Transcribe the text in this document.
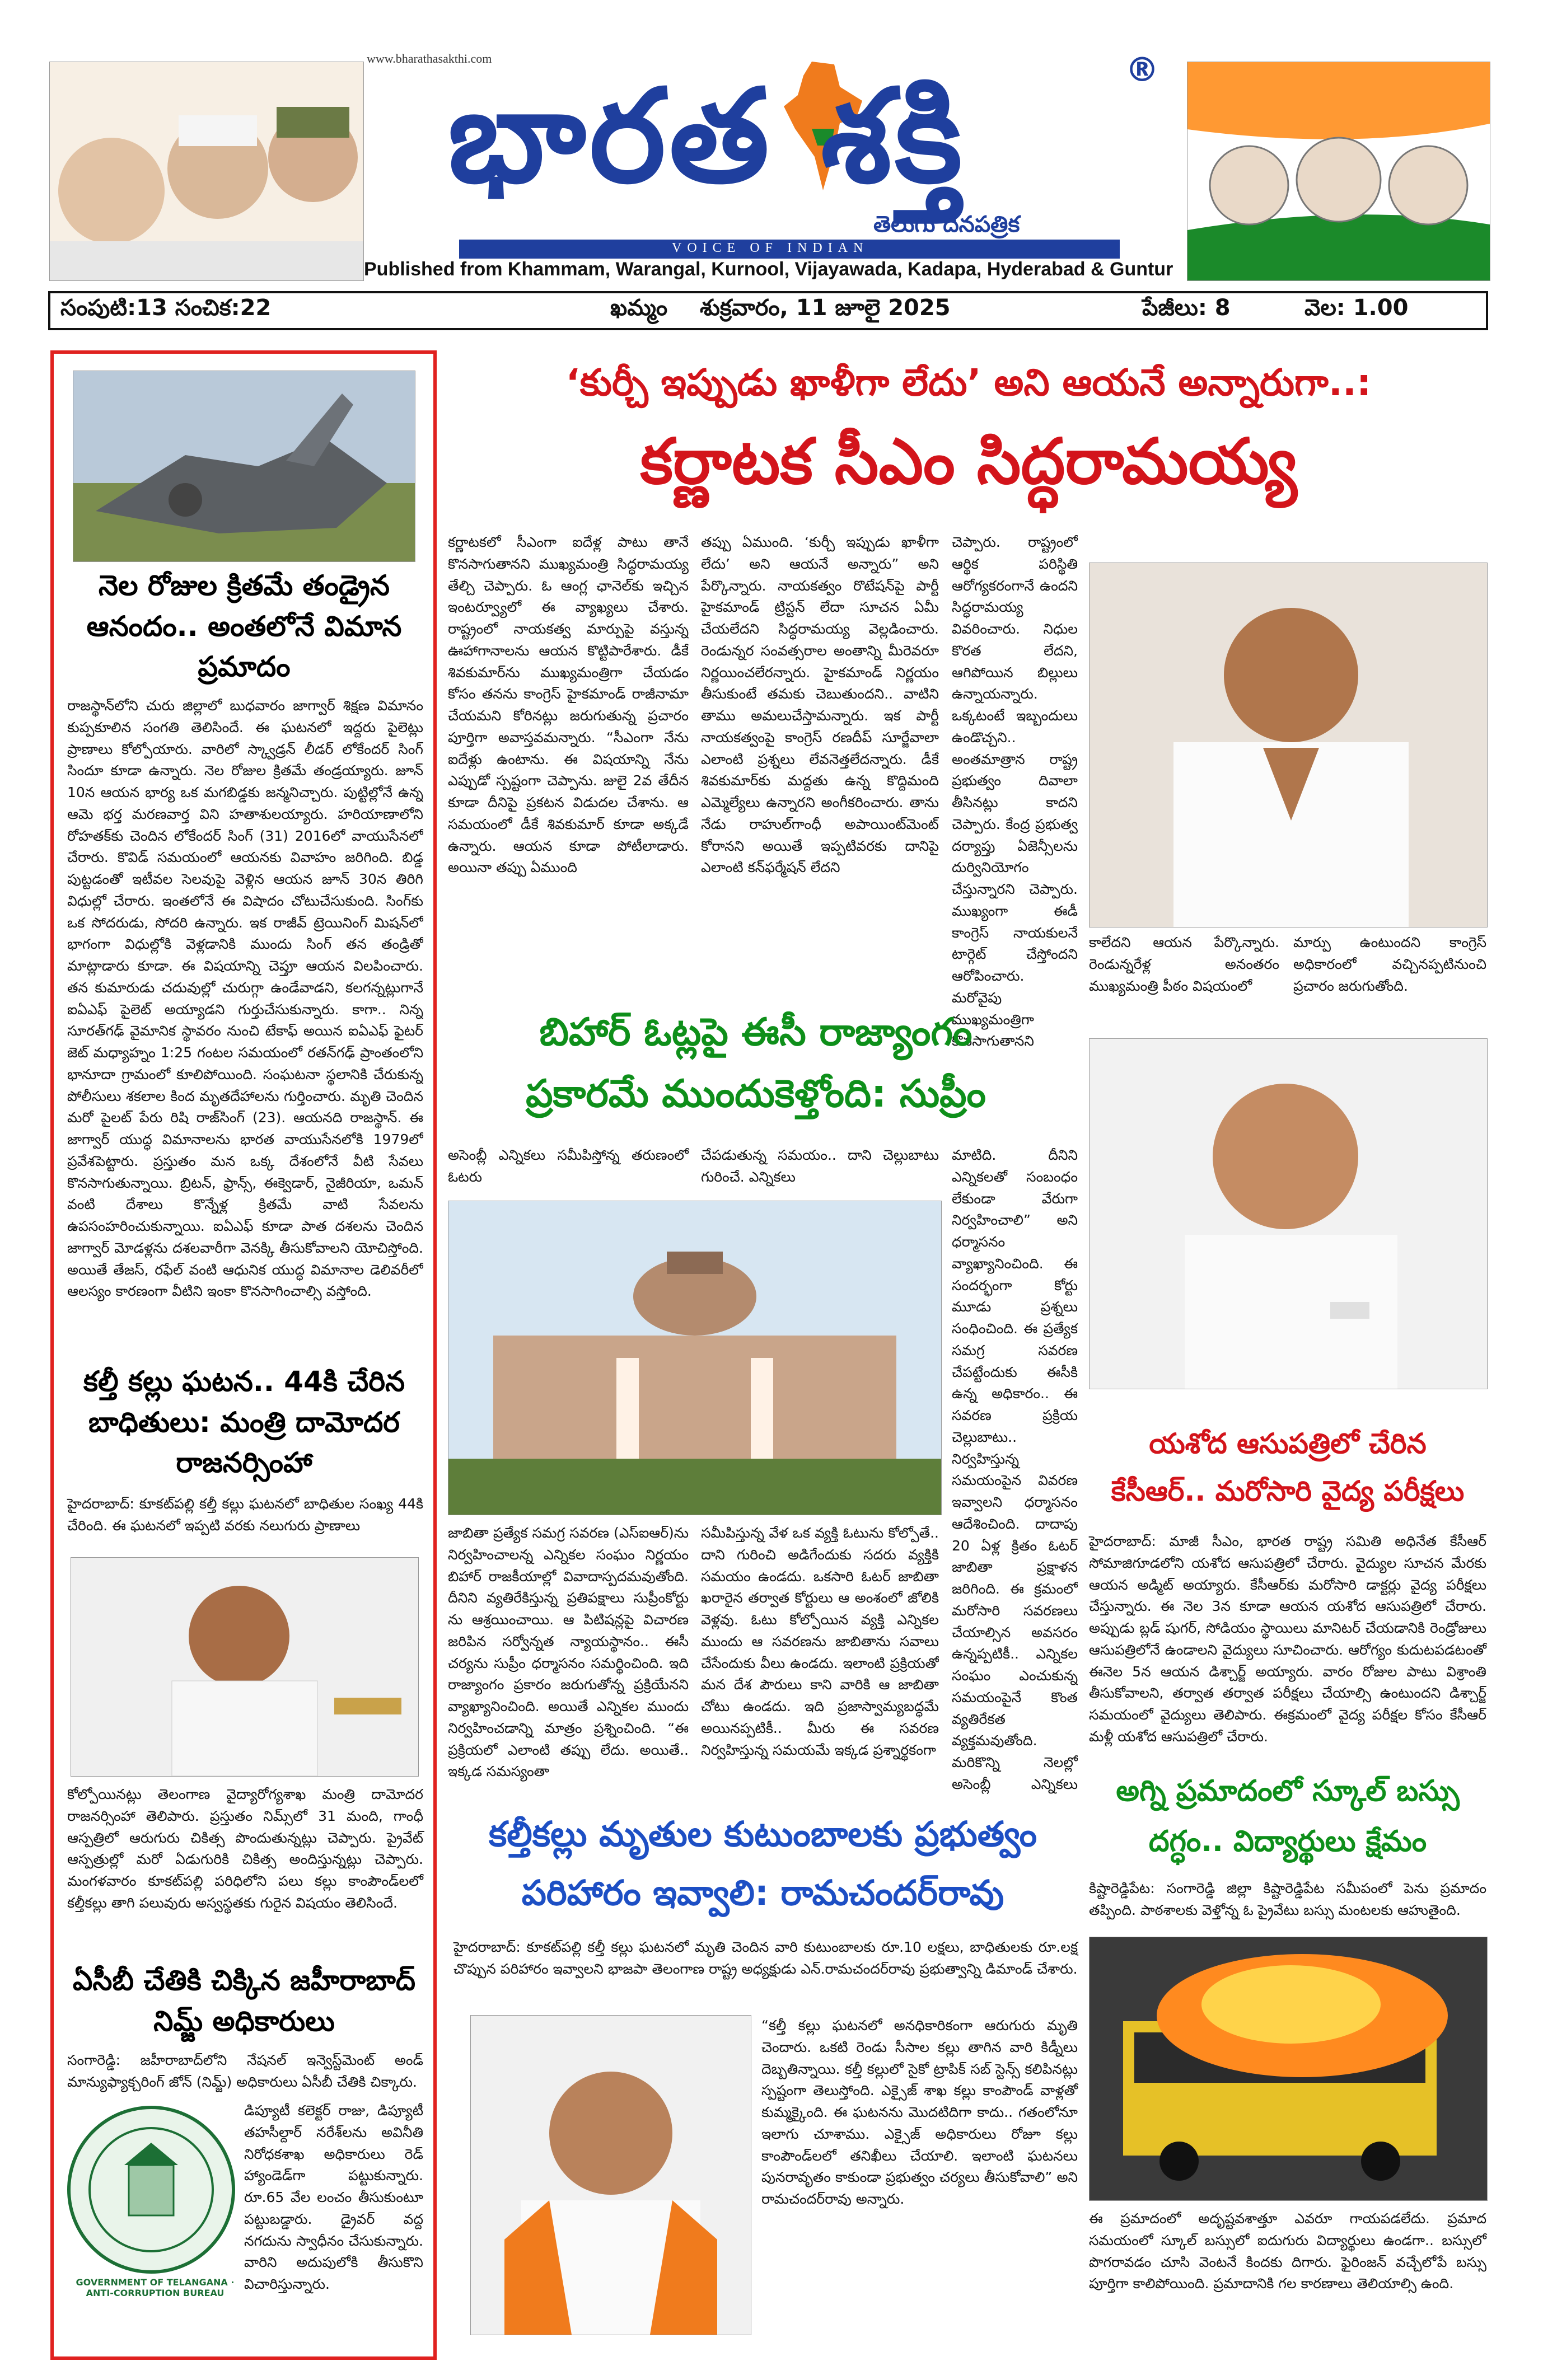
www.bharathasakthi.com
భారత శక్తి	®
తెలుగు దినపత్రిక
VOICE OF INDIAN
Published from Khammam, Warangal, Kurnool, Vijayawada, Kadapa, Hyderabad & Guntur
సంపుటి:13 సంచిక:22	ఖమ్మం శుక్రవారం, 11 జూలై 2025	పేజీలు: 8	వెల: 1.00
నెల రోజుల క్రితమే తండ్రైన ఆనందం.. అంతలోనే విమాన ప్రమాదం
రాజస్థాన్‌లోని చురు జిల్లాలో బుధవారం జాగ్వార్ శిక్షణ విమానం కుప్పకూలిన సంగతి తెలిసిందే. ఈ ఘటనలో ఇద్దరు పైలెట్లు ప్రాణాలు కోల్పోయారు. వారిలో స్క్వాడ్రన్ లీడర్ లోకేందర్ సింగ్ సిందూ కూడా ఉన్నారు. నెల రోజుల క్రితమే తండ్రయ్యారు. జూన్ 10న ఆయన భార్య ఒక మగబిడ్డకు జన్మనిచ్చారు. పుట్టిల్లోనే ఉన్న ఆమె భర్త మరణవార్త విని హతాశులయ్యారు. హరియాణాలోని రోహతక్‌కు చెందిన లోకేందర్ సింగ్ (31) 2016లో వాయుసేనలో చేరారు. కొవిడ్ సమయంలో ఆయనకు వివాహం జరిగింది. బిడ్డ పుట్టడంతో ఇటీవల సెలవుపై వెళ్లిన ఆయన జూన్ 30న తిరిగి విధుల్లో చేరారు. ఇంతలోనే ఈ విషాదం చోటుచేసుకుంది. సింగ్‌కు ఒక సోదరుడు, సోదరి ఉన్నారు. ఇక రాజీవ్ ట్రెయినింగ్ మిషన్‌లో భాగంగా విధుల్లోకి వెళ్లడానికి ముందు సింగ్ తన తండ్రితో మాట్లాడారు కూడా. ఈ విషయాన్ని చెప్తూ ఆయన విలపించారు. తన కుమారుడు చదువుల్లో చురుగ్గా ఉండేవాడని, కలగన్నట్లుగానే ఐఏఎఫ్ పైలెట్ అయ్యాడని గుర్తుచేసుకున్నారు. కాగా.. నిన్న సూరత్‌గఢ్ వైమానిక స్థావరం నుంచి టేకాఫ్ అయిన ఐఏఎఫ్ ఫైటర్ జెట్ మధ్యాహ్నం 1:25 గంటల సమయంలో రతన్‌గఢ్ ప్రాంతంలోని భానూదా గ్రామంలో కూలిపోయింది. సంఘటనా స్థలానికి చేరుకున్న పోలీసులు శకలాల కింద మృతదేహాలను గుర్తించారు. మృతి చెందిన మరో పైలట్ పేరు రిషి రాజ్‌సింగ్ (23). ఆయనది రాజస్థాన్. ఈ జాగ్వార్ యుద్ధ విమానాలను భారత వాయుసేనలోకి 1979లో ప్రవేశపెట్టారు. ప్రస్తుతం మన ఒక్క దేశంలోనే వీటి సేవలు కొనసాగుతున్నాయి. బ్రిటన్, ఫ్రాన్స్, ఈక్వెడార్, నైజీరియా, ఒమన్ వంటి దేశాలు కొన్నేళ్ల క్రితమే వాటి సేవలను ఉపసంహరించుకున్నాయి. ఐఏఎఫ్ కూడా పాత దశలను చెందిన జాగ్వార్ మోడళ్లను దశలవారీగా వెనక్కి తీసుకోవాలని యోచిస్తోంది. అయితే తేజస్, రఫేల్ వంటి ఆధునిక యుద్ధ విమానాల డెలివరీలో ఆలస్యం కారణంగా వీటిని ఇంకా కొనసాగించాల్సి వస్తోంది.
కల్తీ కల్లు ఘటన.. 44కి చేరిన బాధితులు: మంత్రి దామోదర రాజనర్సింహా
హైదరాబాద్: కూకట్‌పల్లి కల్తీ కల్లు ఘటనలో బాధితుల సంఖ్య 44కి చేరింది. ఈ ఘటనలో ఇప్పటి వరకు నలుగురు ప్రాణాలు
కోల్పోయినట్లు తెలంగాణ వైద్యారోగ్యశాఖ మంత్రి దామోదర రాజనర్సింహా తెలిపారు. ప్రస్తుతం నిమ్స్‌లో 31 మంది, గాంధీ ఆస్పత్రిలో ఆరుగురు చికిత్స పొందుతున్నట్లు చెప్పారు. ప్రైవేట్ ఆస్పత్రుల్లో మరో ఏడుగురికి చికిత్స అందిస్తున్నట్లు చెప్పారు. మంగళవారం కూకట్‌పల్లి పరిధిలోని పలు కల్లు కాంపౌండ్‌లలో కల్తీకల్లు తాగి పలువురు అస్వస్థతకు గురైన విషయం తెలిసిందే.
ఏసీబీ చేతికి చిక్కిన జహీరాబాద్ నిమ్జ్ అధికారులు
సంగారెడ్డి: జహీరాబాద్‌లోని నేషనల్ ఇన్వెస్ట్‌మెంట్ అండ్ మాన్యుఫ్యాక్చరింగ్ జోన్ (నిమ్జ్) అధికారులు ఏసీబీ చేతికి చిక్కారు.
GOVERNMENT OF TELANGANA · ANTI-CORRUPTION BUREAU
డిప్యూటీ కలెక్టర్ రాజు, డిప్యూటీ తహసీల్దార్ నరేశ్‌లను అవినీతి నిరోధకశాఖ అధికారులు రెడ్ హ్యాండెడ్‌గా పట్టుకున్నారు. రూ.65 వేల లంచం తీసుకుంటూ పట్టుబడ్డారు. డ్రైవర్ వద్ద నగదును స్వాధీనం చేసుకున్నారు. వారిని అదుపులోకి తీసుకొని విచారిస్తున్నారు.
‘కుర్చీ ఇప్పుడు ఖాళీగా లేదు’ అని ఆయనే అన్నారుగా..:
కర్ణాటక సీఎం సిద్ధరామయ్య
కర్ణాటకలో సీఎంగా ఐదేళ్ల పాటు తానే కొనసాగుతానని ముఖ్యమంత్రి సిద్ధరామయ్య తేల్చి చెప్పారు. ఓ ఆంగ్ల ఛానెల్‌కు ఇచ్చిన ఇంటర్వ్యూలో ఈ వ్యాఖ్యలు చేశారు. రాష్ట్రంలో నాయకత్వ మార్పుపై వస్తున్న ఊహాగానాలను ఆయన కొట్టిపారేశారు. డీకే శివకుమార్‌ను ముఖ్యమంత్రిగా చేయడం కోసం తనను కాంగ్రెస్ హైకమాండ్ రాజీనామా చేయమని కోరినట్లు జరుగుతున్న ప్రచారం పూర్తిగా అవాస్తవమన్నారు. “సీఎంగా నేను ఐదేళ్లు ఉంటాను. ఈ విషయాన్ని నేను ఎప్పుడో స్పష్టంగా చెప్పాను. జులై 2వ తేదీన కూడా దీనిపై ప్రకటన విడుదల చేశాను. ఆ సమయంలో డీకే శివకుమార్ కూడా అక్కడే ఉన్నారు. ఆయన కూడా పోటీలాడారు. అయినా తప్పు ఏముంది
తప్పు ఏముంది. ‘కుర్చీ ఇప్పుడు ఖాళీగా లేదు’ అని ఆయనే అన్నారు” అని పేర్కొన్నారు. నాయకత్వం రొటేషన్‌పై పార్టీ హైకమాండ్ ట్రిస్టన్ లేదా సూచన ఏమీ చేయలేదని సిద్ధరామయ్య వెల్లడించారు. రెండున్నర సంవత్సరాల అంతాన్ని మీరెవరూ నిర్ణయించలేరన్నారు. హైకమాండ్ నిర్ణయం తీసుకుంటే తమకు చెబుతుందని.. వాటిని తాము అమలుచేస్తామన్నారు. ఇక పార్టీ నాయకత్వంపై కాంగ్రెస్ రణదీప్ సూర్జేవాలా ఎలాంటి ప్రశ్నలు లేవనెత్తలేదన్నారు. డీకే శివకుమార్‌కు మద్దతు ఉన్న కొద్దిమంది ఎమ్మెల్యేలు ఉన్నారని అంగీకరించారు. తాను నేడు రాహుల్‌గాంధీ అపాయింట్‌మెంట్ కోరానని అయితే ఇప్పటివరకు దానిపై ఎలాంటి కన్‌ఫర్మేషన్ లేదని
చెప్పారు. రాష్ట్రంలో ఆర్థిక పరిస్థితి ఆరోగ్యకరంగానే ఉందని సిద్ధరామయ్య వివరించారు. నిధుల కొరత లేదని, ఆగిపోయిన బిల్లులు ఉన్నాయన్నారు. ఒక్కటంటే ఇబ్బందులు ఉండొచ్చని.. అంతమాత్రాన రాష్ట్ర ప్రభుత్వం దివాలా తీసినట్లు కాదని చెప్పారు. కేంద్ర ప్రభుత్వ దర్యాప్తు ఏజెన్సీలను దుర్వినియోగం చేస్తున్నారని చెప్పారు. ముఖ్యంగా ఈడీ కాంగ్రెస్ నాయకులనే టార్గెట్ చేస్తోందని ఆరోపించారు. మరోవైపు ముఖ్యమంత్రిగా కొనసాగుతానని
కాలేదని ఆయన పేర్కొన్నారు. రెండున్నరేళ్ల అనంతరం ముఖ్యమంత్రి పీఠం విషయంలో
మార్పు ఉంటుందని కాంగ్రెస్ అధికారంలో వచ్చినప్పటినుంచి ప్రచారం జరుగుతోంది.
బిహార్ ఓట్లపై ఈసీ రాజ్యాంగం
ప్రకారమే ముందుకెళ్తోంది: సుప్రీం
అసెంబ్లీ ఎన్నికలు సమీపిస్తోన్న తరుణంలో ఓటరు
చేపడుతున్న సమయం.. దాని చెల్లుబాటు గురించే. ఎన్నికలు
మాటిది. దీనిని ఎన్నికలతో సంబంధం లేకుండా వేరుగా నిర్వహించాలి” అని ధర్మాసనం వ్యాఖ్యానించింది. ఈ సందర్భంగా కోర్టు మూడు ప్రశ్నలు సంధించింది. ఈ ప్రత్యేక సమగ్ర సవరణ చేపట్టేందుకు ఈసీకి ఉన్న అధికారం.. ఈ సవరణ ప్రక్రియ చెల్లుబాటు.. నిర్వహిస్తున్న సమయంపైన వివరణ ఇవ్వాలని ధర్మాసనం ఆదేశించింది. దాదాపు 20 ఏళ్ల క్రితం ఓటర్ జాబితా ప్రక్షాళన జరిగింది. ఈ క్రమంలో మరోసారి సవరణలు చేయాల్సిన అవసరం ఉన్నప్పటికీ.. ఎన్నికల సంఘం ఎంచుకున్న సమయంపైనే కొంత వ్యతిరేకత వ్యక్తమవుతోంది. మరికొన్ని నెలల్లో అసెంబ్లీ ఎన్నికలు
జాబితా ప్రత్యేక సమగ్ర సవరణ (ఎస్ఐఆర్)ను నిర్వహించాలన్న ఎన్నికల సంఘం నిర్ణయం బిహార్ రాజకీయాల్లో వివాదాస్పదమవుతోంది. దీనిని వ్యతిరేకిస్తున్న ప్రతిపక్షాలు సుప్రీంకోర్టు ను ఆశ్రయించాయి. ఆ పిటిషన్లపై విచారణ జరిపిన సర్వోన్నత న్యాయస్థానం.. ఈసీ చర్యను సుప్రీం ధర్మాసనం సమర్థించింది. ఇది రాజ్యాంగం ప్రకారం జరుగుతోన్న ప్రక్రియేనని వ్యాఖ్యానించింది. అయితే ఎన్నికల ముందు నిర్వహించడాన్ని మాత్రం ప్రశ్నించింది. “ఈ ప్రక్రియలో ఎలాంటి తప్పు లేదు. అయితే.. ఇక్కడ సమస్యంతా
సమీపిస్తున్న వేళ ఒక వ్యక్తి ఓటును కోల్పోతే.. దాని గురించి అడిగేందుకు సదరు వ్యక్తికి సమయం ఉండదు. ఒకసారి ఓటర్ జాబితా ఖరారైన తర్వాత కోర్టులు ఆ అంశంలో జోలికి వెళ్లవు. ఓటు కోల్పోయిన వ్యక్తి ఎన్నికల ముందు ఆ సవరణను జాబితాను సవాలు చేసేందుకు వీలు ఉండదు. ఇలాంటి ప్రక్రియతో మన దేశ పౌరులు కాని వారికి ఆ జాబితా చోటు ఉండదు. ఇది ప్రజాస్వామ్యబద్ధమే అయినప్పటికీ.. మీరు ఈ సవరణ నిర్వహిస్తున్న సమయమే ఇక్కడ ప్రశ్నార్థకంగా
యశోద ఆసుపత్రిలో చేరిన
కేసీఆర్.. మరోసారి వైద్య పరీక్షలు
హైదరాబాద్: మాజీ సీఎం, భారత రాష్ట్ర సమితి అధినేత కేసీఆర్ సోమాజిగూడలోని యశోద ఆసుపత్రిలో చేరారు. వైద్యుల సూచన మేరకు ఆయన అడ్మిట్ అయ్యారు. కేసీఆర్‌కు మరోసారి డాక్టర్లు వైద్య పరీక్షలు చేస్తున్నారు. ఈ నెల 3న కూడా ఆయన యశోద ఆసుపత్రిలో చేరారు. అప్పుడు బ్లడ్ షుగర్, సోడియం స్థాయిలు మానిటర్ చేయడానికి రెండ్రోజులు ఆసుపత్రిలోనే ఉండాలని వైద్యులు సూచించారు. ఆరోగ్యం కుదుటపడటంతో ఈనెల 5న ఆయన డిశ్చార్జ్ అయ్యారు. వారం రోజుల పాటు విశ్రాంతి తీసుకోవాలని, తర్వాత తర్వాత పరీక్షలు చేయాల్సి ఉంటుందని డిశ్చార్జ్ సమయంలో వైద్యులు తెలిపారు. ఈక్రమంలో వైద్య పరీక్షల కోసం కేసీఆర్ మళ్లీ యశోద ఆసుపత్రిలో చేరారు.
అగ్ని ప్రమాదంలో స్కూల్ బస్సు
దగ్ధం.. విద్యార్థులు క్షేమం
కిష్టారెడ్డిపేట: సంగారెడ్డి జిల్లా కిష్టారెడ్డిపేట సమీపంలో పెను ప్రమాదం తప్పింది. పాఠశాలకు వెళ్తోన్న ఓ ప్రైవేటు బస్సు మంటలకు ఆహుతైంది.
ఈ ప్రమాదంలో అదృష్టవశాత్తూ ఎవరూ గాయపడలేదు. ప్రమాద సమయంలో స్కూల్ బస్సులో ఐదుగురు విద్యార్థులు ఉండగా.. బస్సులో పొగరావడం చూసి వెంటనే కిందకు దిగారు. ఫైరింజన్ వచ్చేలోపే బస్సు పూర్తిగా కాలిపోయింది. ప్రమాదానికి గల కారణాలు తెలియాల్సి ఉంది.
కల్తీకల్లు మృతుల కుటుంబాలకు ప్రభుత్వం
పరిహారం ఇవ్వాలి: రామచందర్‌రావు
హైదరాబాద్: కూకట్‌పల్లి కల్తీ కల్లు ఘటనలో మృతి చెందిన వారి కుటుంబాలకు రూ.10 లక్షలు, బాధితులకు రూ.లక్ష చొప్పున పరిహారం ఇవ్వాలని భాజపా తెలంగాణ రాష్ట్ర అధ్యక్షుడు ఎన్.రామచందర్‌రావు ప్రభుత్వాన్ని డిమాండ్ చేశారు.
“కల్తీ కల్లు ఘటనలో అనధికారికంగా ఆరుగురు మృతి చెందారు. ఒకటి రెండు సీసాల కల్లు తాగిన వారి కిడ్నీలు దెబ్బతిన్నాయి. కల్తీ కల్లులో సైకో ట్రాపిక్ సబ్ స్టెన్స్ కలిపినట్లు స్పష్టంగా తెలుస్తోంది. ఎక్సైజ్ శాఖ కల్లు కాంపౌండ్ వాళ్లతో కుమ్మక్కైంది. ఈ ఘటనను మొదటిదిగా కాదు.. గతంలోనూ ఇలాగు చూశాము. ఎక్సైజ్ అధికారులు రోజూ కల్లు కాంపౌండ్‌లలో తనిఖీలు చేయాలి. ఇలాంటి ఘటనలు పునరావృతం కాకుండా ప్రభుత్వం చర్యలు తీసుకోవాలి” అని రామచందర్‌రావు అన్నారు.
